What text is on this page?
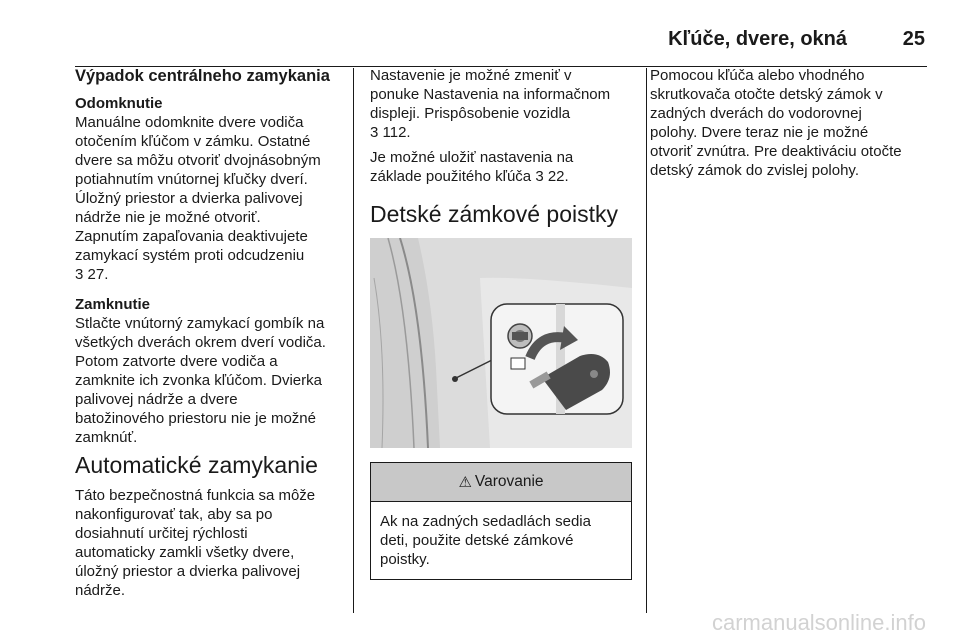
Kľúče, dvere, okná	25
Výpadok centrálneho zamykania
Odomknutie

Manuálne odomknite dvere vodiča
otočením kľúčom v zámku. Ostatné
dvere sa môžu otvoriť dvojnásobným
potiahnutím vnútornej kľučky dverí.
Úložný priestor a dvierka palivovej
nádrže nie je možné otvoriť.
Zapnutím zapaľovania deaktivujete
zamykací systém proti odcudzeniu
3 27.

Zamknutie

Stlačte vnútorný zamykací gombík na
všetkých dverách okrem dverí vodiča.
Potom zatvorte dvere vodiča a
zamknite ich zvonka kľúčom. Dvierka
palivovej nádrže a dvere
batožinového priestoru nie je možné
zamknúť.

Automatické zamykanie

Táto bezpečnostná funkcia sa môže
nakonfigurovať tak, aby sa po
dosiahnutí určitej rýchlosti
automaticky zamkli všetky dvere,
úložný priestor a dvierka palivovej
nádrže.

Nastavenie je možné zmeniť v
ponuke Nastavenia na informačnom
displeji. Prispôsobenie vozidla
3 112.

Je možné uložiť nastavenia na
základe použitého kľúča 3 22.

Detské zámkové poistky
⚠ Varovanie
Ak na zadných sedadlách sedia
deti, použite detské zámkové
poistky.

Pomocou kľúča alebo vhodného
skrutkovača otočte detský zámok v
zadných dverách do vodorovnej
polohy. Dvere teraz nie je možné
otvoriť zvnútra. Pre deaktiváciu otočte
detský zámok do zvislej polohy.

carmanualsonline.info
